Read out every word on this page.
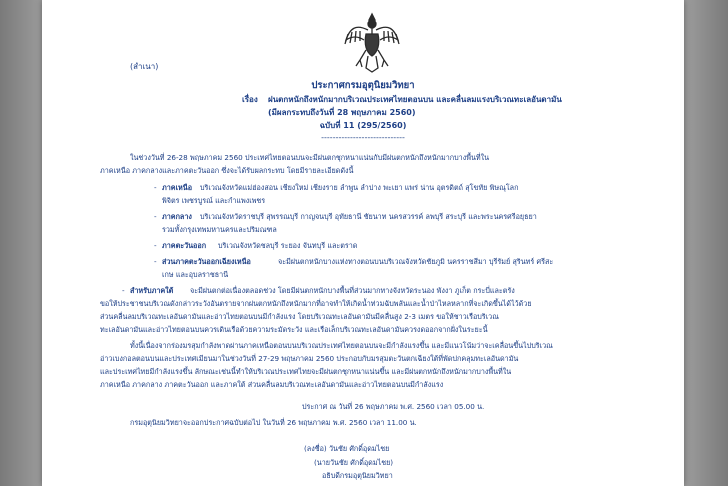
(สำเนา)
ประกาศกรมอุตุนิยมวิทยา
เรื่อง ฝนตกหนักถึงหนักมากบริเวณประเทศไทยตอนบน และคลื่นลมแรงบริเวณทะเลอันดามัน
(มีผลกระทบถึงวันที่ 28 พฤษภาคม 2560)
ฉบับที่ 11 (295/2560)
-----------------------------
ในช่วงวันที่ 26-28 พฤษภาคม 2560 ประเทศไทยตอนบนจะมีฝนตกชุกหนาแน่นกับมีฝนตกหนักถึงหนักมากบางพื้นที่ใน
ภาคเหนือ ภาคกลางและภาคตะวันออก ซึ่งจะได้รับผลกระทบ โดยมีรายละเอียดดังนี้
- ภาคเหนือ บริเวณจังหวัดแม่ฮ่องสอน เชียงใหม่ เชียงราย ลำพูน ลำปาง พะเยา แพร่ น่าน อุตรดิตถ์ สุโขทัย พิษณุโลก
พิจิตร เพชรบูรณ์ และกำแพงเพชร
- ภาคกลาง บริเวณจังหวัดราชบุรี สุพรรณบุรี กาญจนบุรี อุทัยธานี ชัยนาท นครสวรรค์ ลพบุรี สระบุรี และพระนครศรีอยุธยา
รวมทั้งกรุงเทพมหานครและปริมณฑล
- ภาคตะวันออก บริเวณจังหวัดชลบุรี ระยอง จันทบุรี และตราด
- ส่วนภาคตะวันออกเฉียงเหนือ	จะมีฝนตกหนักบางแห่งทางตอนบนบริเวณจังหวัดชัยภูมิ นครราชสีมา บุรีรัมย์ สุรินทร์ ศรีสะ
เกษ และอุบลราชธานี
- สำหรับภาคใต้ จะมีฝนตกต่อเนื่องตลอดช่วง โดยมีฝนตกหนักบางพื้นที่ส่วนมากทางจังหวัดระนอง พังงา ภูเก็ต กระบี่และตรัง
ขอให้ประชาชนบริเวณดังกล่าวระวังอันตรายจากฝนตกหนักถึงหนักมากที่อาจทำให้เกิดน้ำท่วมฉับพลันและน้ำป่าไหลหลากที่จะเกิดขึ้นได้ไว้ด้วย
ส่วนคลื่นลมบริเวณทะเลอันดามันและอ่าวไทยตอนบนมีกำลังแรง โดยบริเวณทะเลอันดามันมีคลื่นสูง 2-3 เมตร ขอให้ชาวเรือบริเวณ
ทะเลอันดามันและอ่าวไทยตอนบนควรเดินเรือด้วยความระมัดระวัง และเรือเล็กบริเวณทะเลอันดามันควรงดออกจากฝั่งในระยะนี้
ทั้งนี้เนื่องจากร่องมรสุมกำลังพาดผ่านภาคเหนือตอนบนบริเวณประเทศไทยตอนบนจะมีกำลังแรงขึ้น และมีแนวโน้มว่าจะเคลื่อนขึ้นไปบริเวณ
อ่าวเบงกอลตอนบนและประเทศเมียนมาในช่วงวันที่ 27-29 พฤษภาคม 2560 ประกอบกับมรสุมตะวันตกเฉียงใต้ที่พัดปกคลุมทะเลอันดามัน
และประเทศไทยมีกำลังแรงขึ้น ลักษณะเช่นนี้ทำให้บริเวณประเทศไทยจะมีฝนตกชุกหนาแน่นขึ้น และมีฝนตกหนักถึงหนักมากบางพื้นที่ใน
ภาคเหนือ ภาคกลาง ภาคตะวันออก และภาคใต้ ส่วนคลื่นลมบริเวณทะเลอันดามันและอ่าวไทยตอนบนมีกำลังแรง
ประกาศ ณ วันที่ 26 พฤษภาคม พ.ศ. 2560 เวลา 05.00 น.
กรมอุตุนิยมวิทยาจะออกประกาศฉบับต่อไป ในวันที่ 26 พฤษภาคม พ.ศ. 2560 เวลา 11.00 น.
(ลงชื่อ) วันชัย ศักดิ์อุดมไชย
(นายวันชัย ศักดิ์อุดมไชย)
อธิบดีกรมอุตุนิยมวิทยา
